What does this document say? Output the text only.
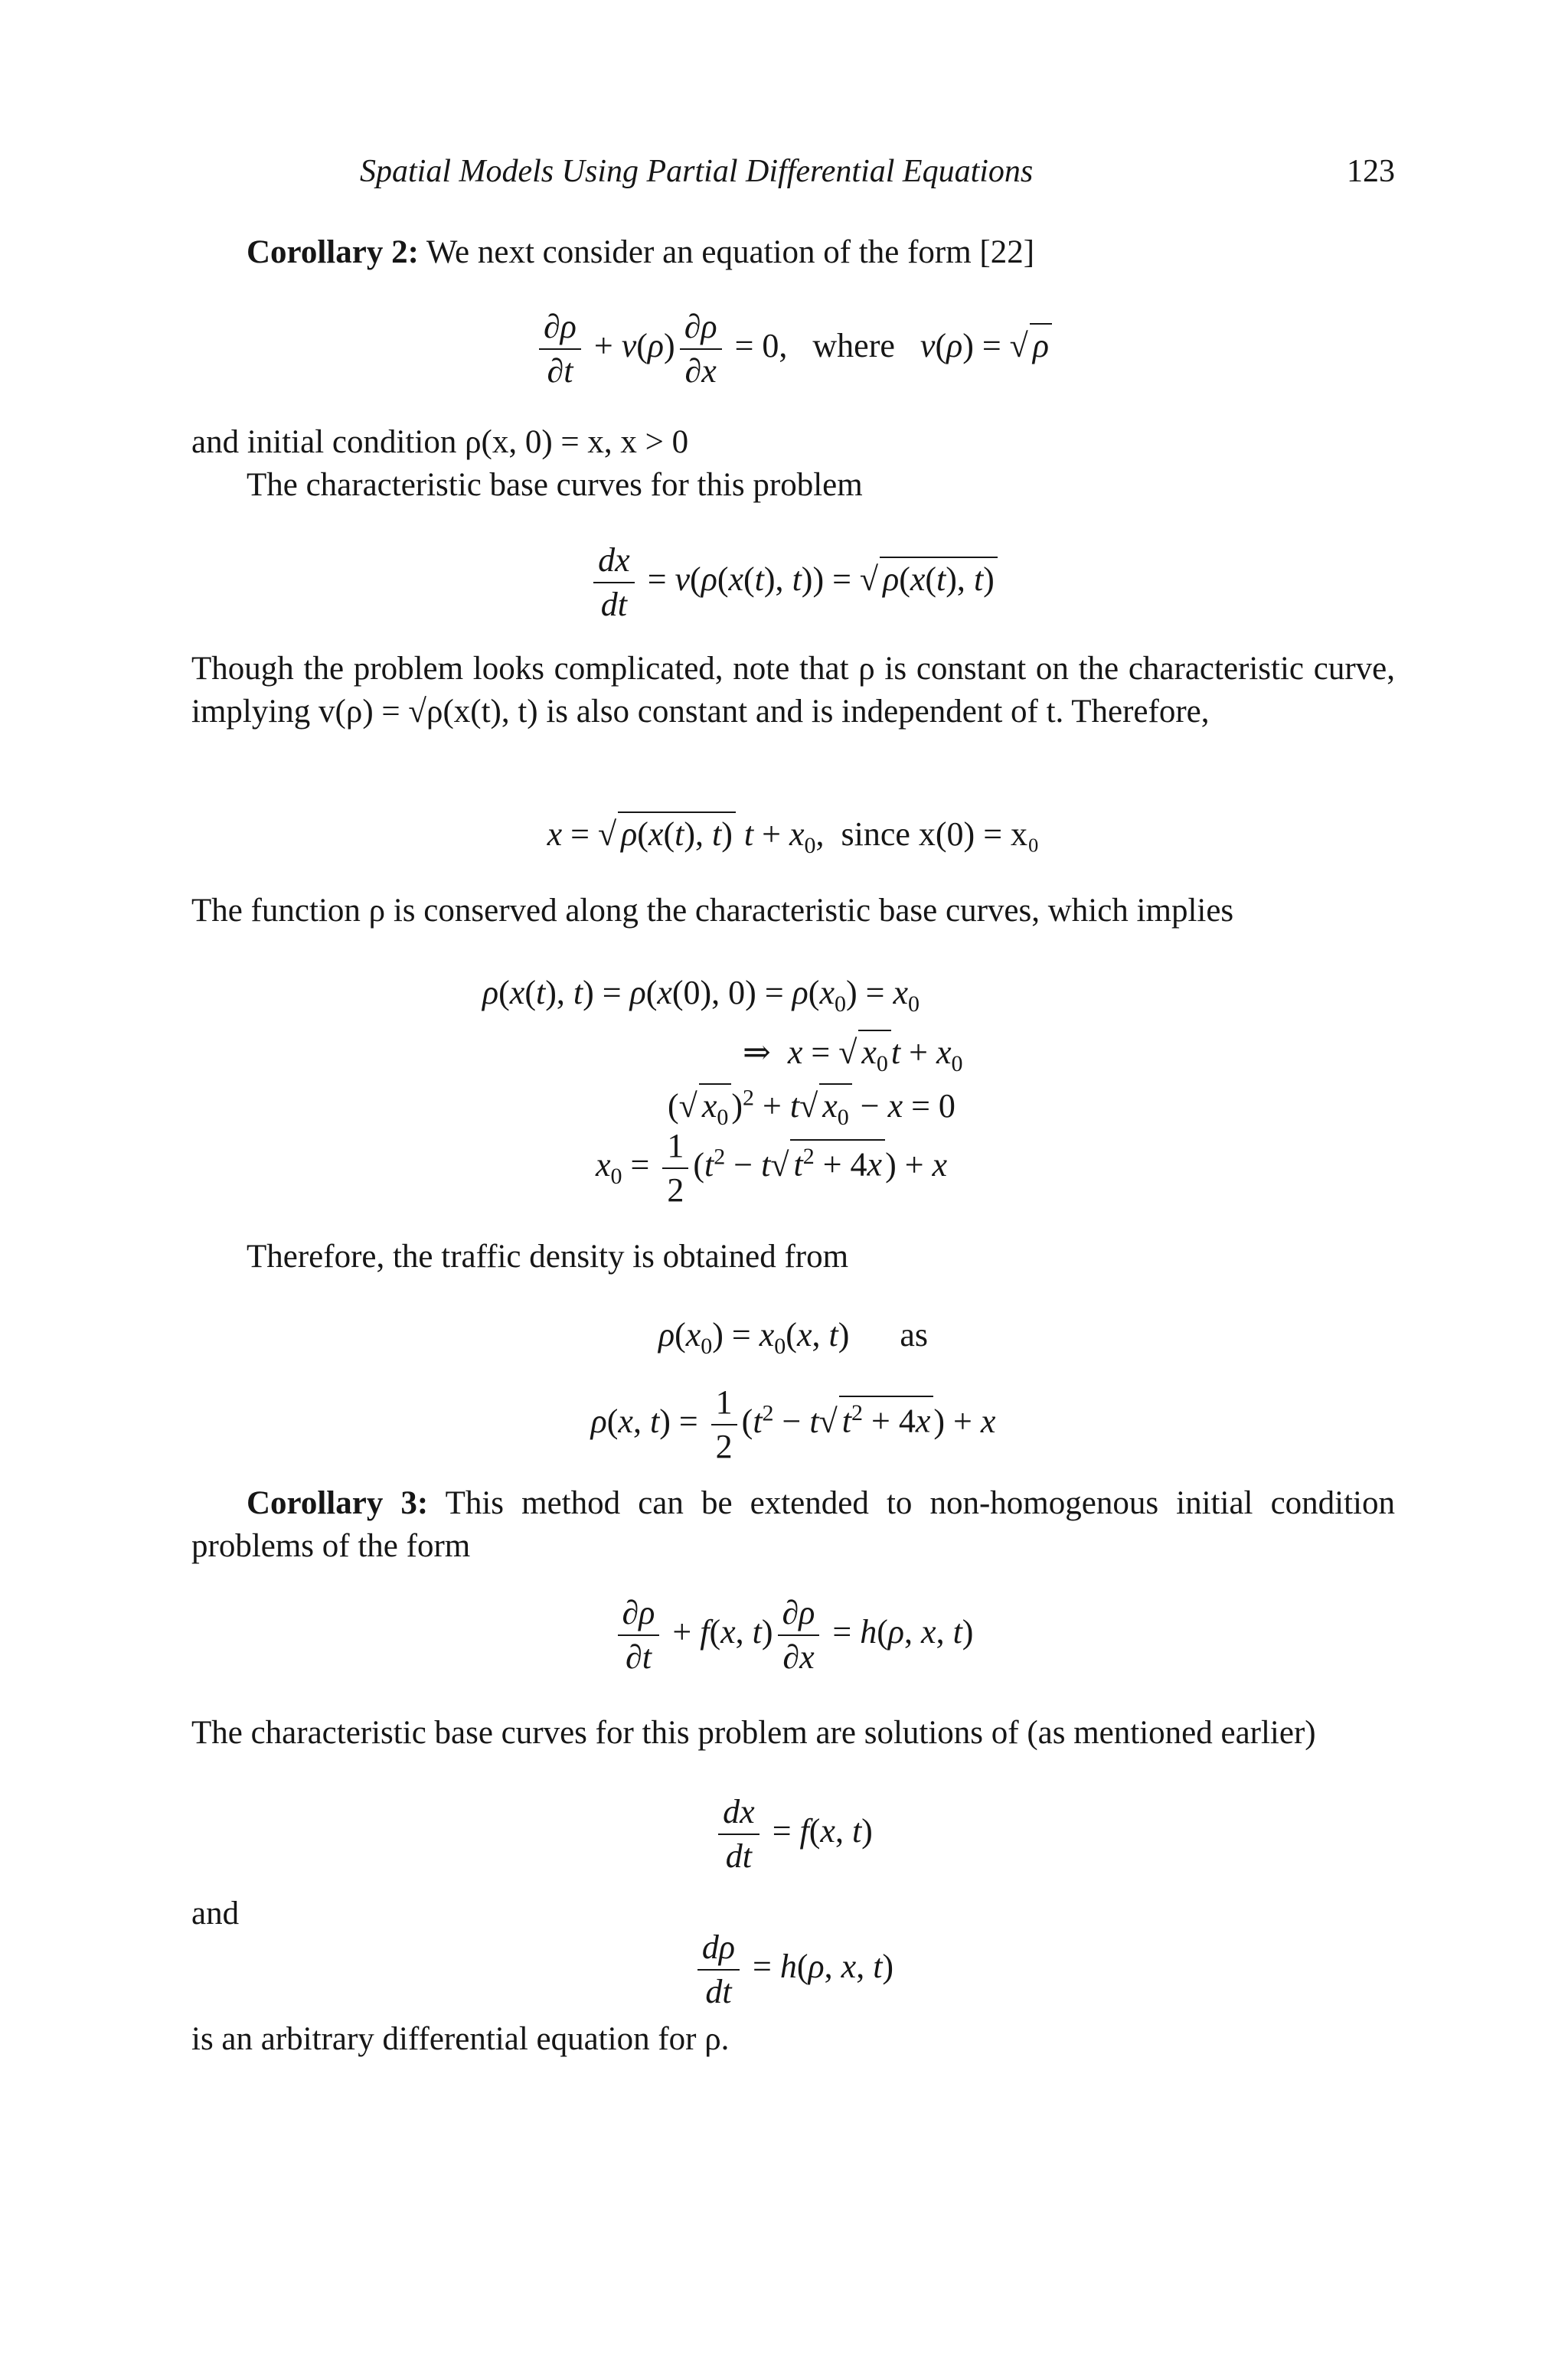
Spatial Models Using Partial Differential Equations	123
Corollary 2: We next consider an equation of the form [22]
$\frac{\partial\rho}{\partial t} + v(\rho) \frac{\partial\rho}{\partial x} = 0$,   where v(ρ) = √ ρ
and initial condition ρ(x, 0) = x, x > 0
The characteristic base curves for this problem
$\frac{dx}{dt} = v(\rho(x(t)$, t)) = √ ρ(x(t), t)
Though the problem looks complicated, note that ρ is constant on the characteristic curve, implying v(ρ) = √ρ(x(t), t) is also constant and is independent of t. Therefore,
x = √ ρ(x(t), t) $t + x_0$,  since x(0) = x₀
The function ρ is conserved along the characteristic base curves, which implies
ρ(x(t), t) = ρ(x(0), $0) = \rho(x_0) = x_0$
⇒  x = √ $x_0t + x_0$
(√ $x_0)^2 + t√$ $x_0 - x = 0$
$x_0 = \frac{1}{2} (t^2 - t√$ $t^2 + 4x) + x$
Therefore, the traffic density is obtained from
$\rho(x_0) = x_0(x$, t)      as
ρ(x, $t) = \frac{1}{2} (t^2 - t√$ $t^2 + 4x) + x$
Corollary 3: This method can be extended to non-homogenous initial condition problems of the form
$\frac{\partial\rho}{\partial t} + f(x$, $t) \frac{\partial\rho}{\partial x} = h(\rho$, x, t)
The characteristic base curves for this problem are solutions of (as mentioned earlier)
$\frac{dx}{dt} = f(x$, t)
and
$\frac{d\rho}{dt} = h(\rho$, x, t)
is an arbitrary differential equation for ρ.
